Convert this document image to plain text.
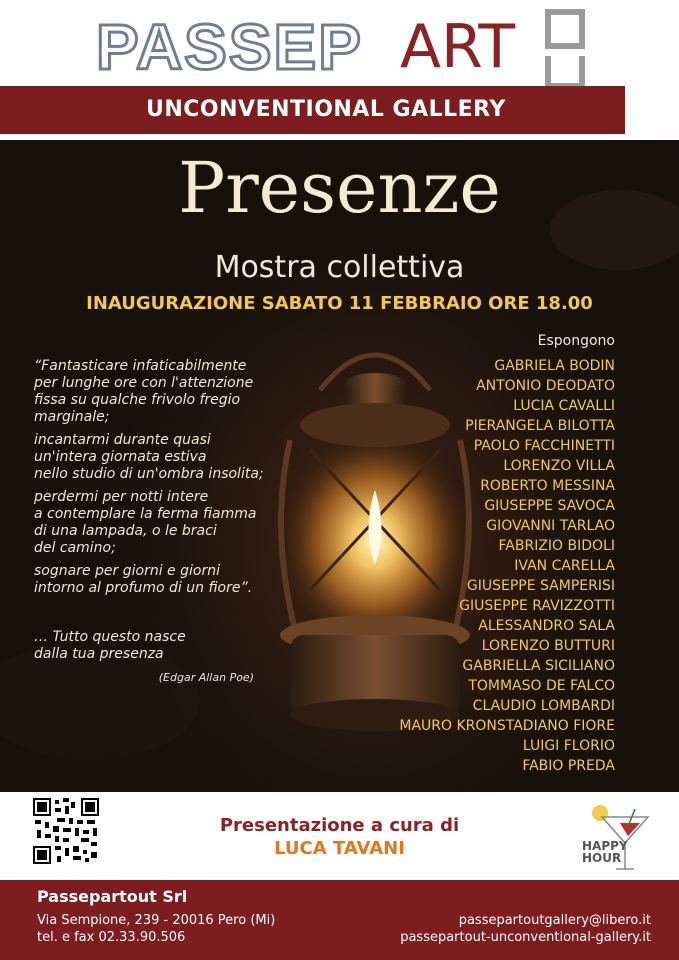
PASSEP ART
OUT
UNCONVENTIONAL GALLERY
Presenze
Mostra collettiva
INAUGURAZIONE SABATO 11 FEBBRAIO ORE 18.00

“Fantasticare infaticabilmente
per lunghe ore con l'attenzione
fissa su qualche frivolo fregio
marginale;

incantarmi durante quasi
un'intera giornata estiva
nello studio di un'ombra insolita;

perdermi per notti intere
a contemplare la ferma fiamma
di una lampada, o le braci
del camino;

sognare per giorni e giorni
intorno al profumo di un fiore”.

… Tutto questo nasce
dalla tua presenza

(Edgar Allan Poe)

Espongono
GABRIELA BODIN
ANTONIO DEODATO
LUCIA CAVALLI
PIERANGELA BILOTTA
PAOLO FACCHINETTI
LORENZO VILLA
ROBERTO MESSINA
GIUSEPPE SAVOCA
GIOVANNI TARLAO
FABRIZIO BIDOLI
IVAN CARELLA
GIUSEPPE SAMPERISI
GIUSEPPE RAVIZZOTTI
ALESSANDRO SALA
LORENZO BUTTURI
GABRIELLA SICILIANO
TOMMASO DE FALCO
CLAUDIO LOMBARDI
MAURO KRONSTADIANO FIORE
LUIGI FLORIO
FABIO PREDA
Presentazione a cura di
LUCA TAVANI	HAPPY
HOUR
Passepartout Srl
Via Sempione, 239 - 20016 Pero (Mi)
tel. e fax 02.33.90.506
passepartoutgallery@libero.it
passepartout-unconventional-gallery.it
